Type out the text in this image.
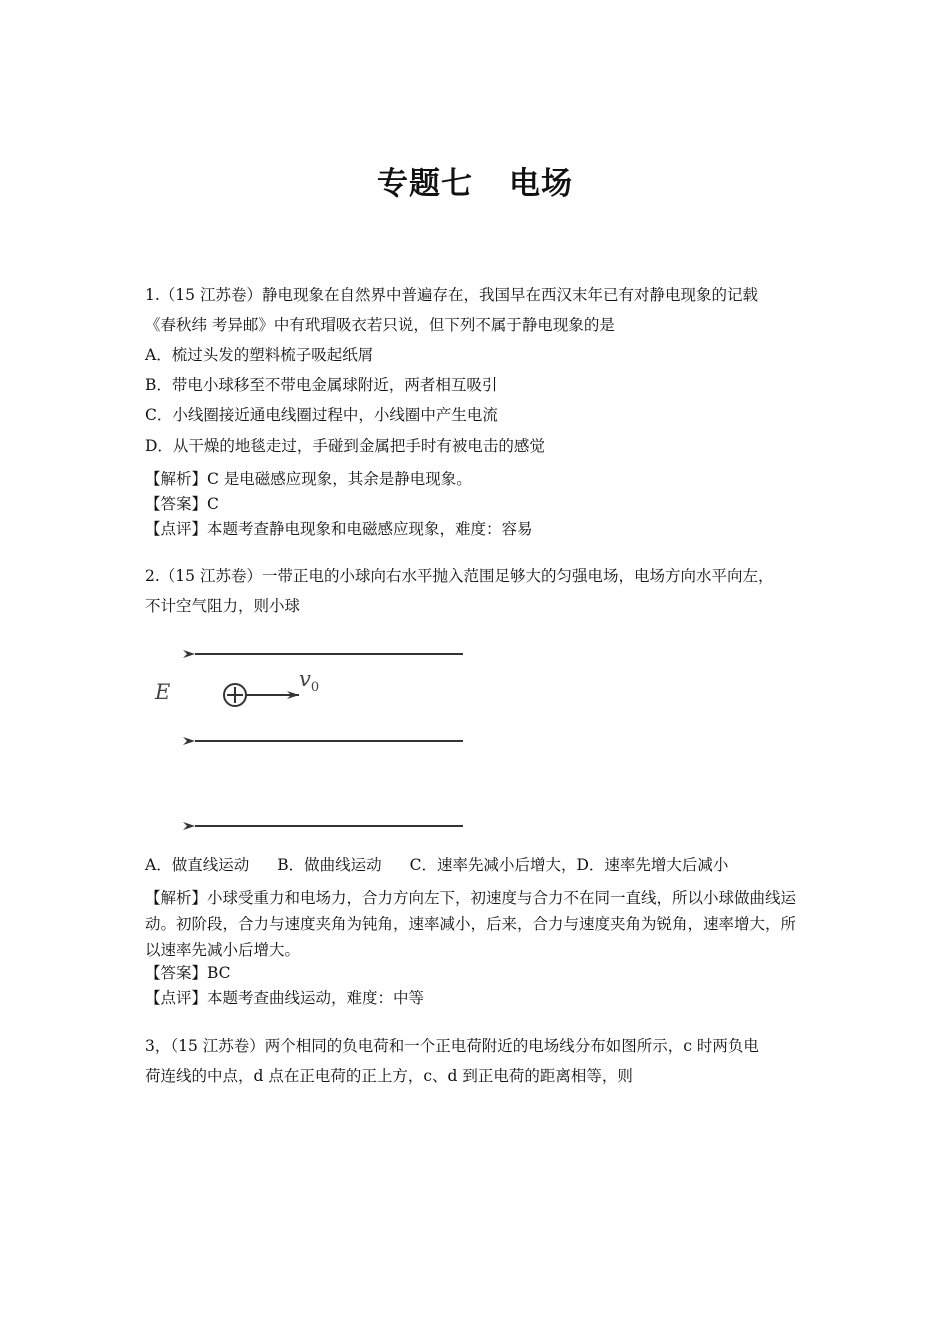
专题七 电场
1.（15 江苏卷）静电现象在自然界中普遍存在，我国早在西汉末年已有对静电现象的记载
《春秋纬 考异邮》中有玳瑁吸衣若只说，但下列不属于静电现象的是
A．梳过头发的塑料梳子吸起纸屑
B．带电小球移至不带电金属球附近，两者相互吸引
C．小线圈接近通电线圈过程中，小线圈中产生电流
D．从干燥的地毯走过，手碰到金属把手时有被电击的感觉
【解析】C 是电磁感应现象，其余是静电现象。
【答案】C
【点评】本题考查静电现象和电磁感应现象，难度：容易
2.（15 江苏卷）一带正电的小球向右水平抛入范围足够大的匀强电场，电场方向水平向左，
不计空气阻力，则小球
E
$v_0$
A．做直线运动 B．做曲线运动 C．速率先减小后增大，D．速率先增大后减小
【解析】小球受重力和电场力，合力方向左下，初速度与合力不在同一直线，所以小球做曲线运动。初阶段，合力与速度夹角为钝角，速率减小，后来，合力与速度夹角为锐角，速率增大，所以速率先减小后增大。
【答案】BC
【点评】本题考查曲线运动，难度：中等
3，（15 江苏卷）两个相同的负电荷和一个正电荷附近的电场线分布如图所示，c 时两负电
荷连线的中点，d 点在正电荷的正上方，c、d 到正电荷的距离相等，则
